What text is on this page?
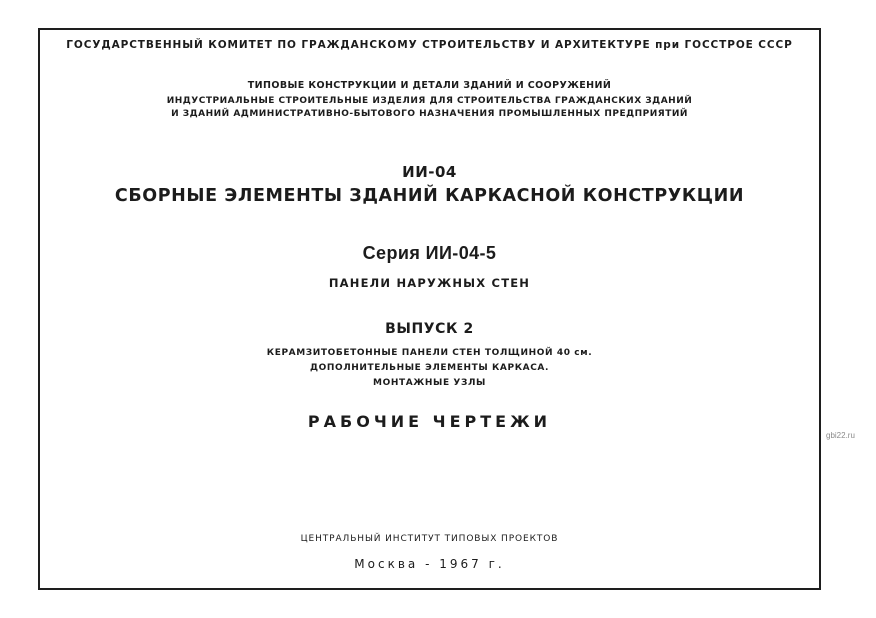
ГОСУДАРСТВЕННЫЙ КОМИТЕТ ПО ГРАЖДАНСКОМУ СТРОИТЕЛЬСТВУ И АРХИТЕКТУРЕ при ГОССТРОЕ СССР
ТИПОВЫЕ КОНСТРУКЦИИ И ДЕТАЛИ ЗДАНИЙ И СООРУЖЕНИЙ
ИНДУСТРИАЛЬНЫЕ СТРОИТЕЛЬНЫЕ ИЗДЕЛИЯ ДЛЯ СТРОИТЕЛЬСТВА ГРАЖДАНСКИХ ЗДАНИЙ
И ЗДАНИЙ АДМИНИСТРАТИВНО-БЫТОВОГО НАЗНАЧЕНИЯ ПРОМЫШЛЕННЫХ ПРЕДПРИЯТИЙ
ИИ-04
СБОРНЫЕ ЭЛЕМЕНТЫ ЗДАНИЙ КАРКАСНОЙ КОНСТРУКЦИИ
Серия ИИ-04-5
ПАНЕЛИ НАРУЖНЫХ СТЕН
ВЫПУСК 2
КЕРАМЗИТОБЕТОННЫЕ ПАНЕЛИ СТЕН ТОЛЩИНОЙ 40 см.
ДОПОЛНИТЕЛЬНЫЕ ЭЛЕМЕНТЫ КАРКАСА.
МОНТАЖНЫЕ УЗЛЫ
РАБОЧИЕ ЧЕРТЕЖИ
ЦЕНТРАЛЬНЫЙ ИНСТИТУТ ТИПОВЫХ ПРОЕКТОВ
Москва - 1967 г.
gbi22.ru
